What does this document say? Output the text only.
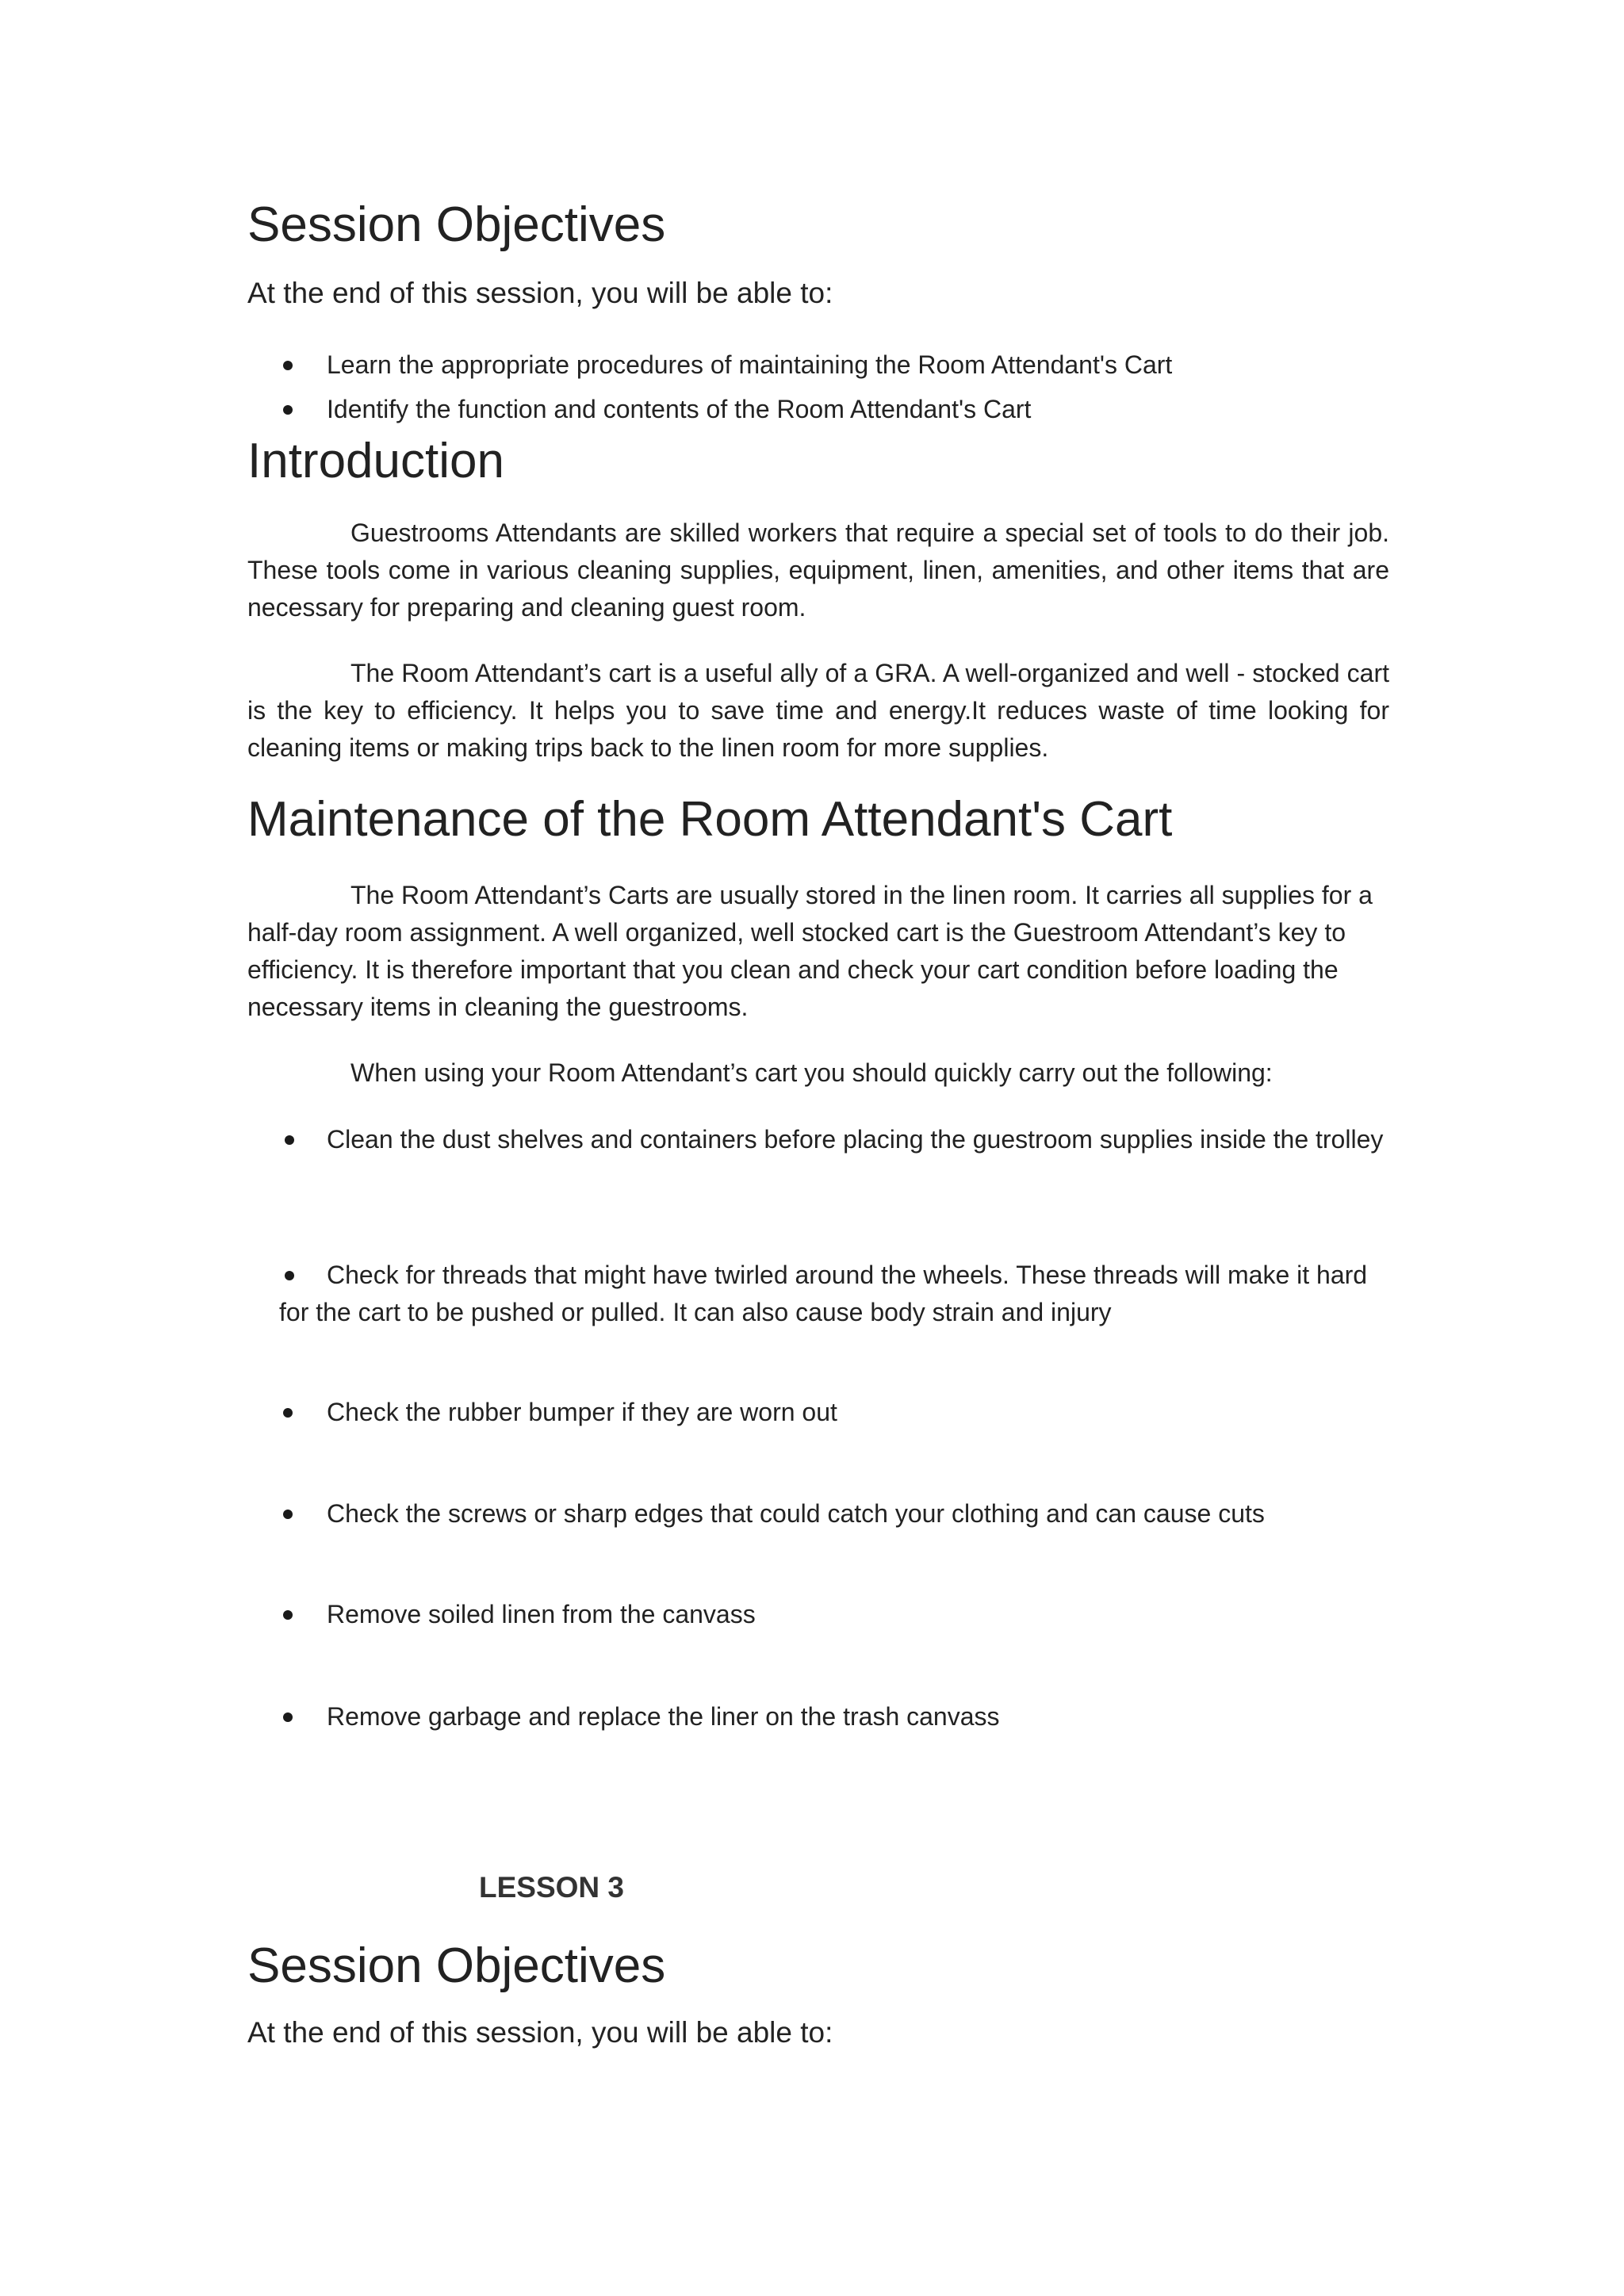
Session Objectives

At the end of this session, you will be able to:

Learn the appropriate procedures of maintaining the Room Attendant's Cart
Identify the function and contents of the Room Attendant's Cart
Introduction

Guestrooms Attendants are skilled workers that require a special set of tools to do their job. These tools come in various cleaning supplies, equipment, linen, amenities, and other items that are necessary for preparing and cleaning guest room.

The Room Attendant’s cart is a useful ally of a GRA. A well-organized and well - stocked cart is the key to efficiency. It helps you to save time and energy.It reduces waste of time looking for cleaning items or making trips back to the linen room for more supplies.

Maintenance of the Room Attendant's Cart

The Room Attendant’s Carts are usually stored in the linen room. It carries all supplies for a half-day room assignment. A well organized, well stocked cart is the Guestroom Attendant’s key to efficiency. It is therefore important that you clean and check your cart condition before loading the necessary items in cleaning the guestrooms.

When using your Room Attendant’s cart you should quickly carry out the following:

Clean the dust shelves and containers before placing the guestroom supplies inside the trolley
Check for threads that might have twirled around the wheels. These threads will make it hard for the cart to be pushed or pulled. It can also cause body strain and injury
Check the rubber bumper if they are worn out
Check the screws or sharp edges that could catch your clothing and can cause cuts
Remove soiled linen from the canvass
Remove garbage and replace the liner on the trash canvass

LESSON 3

Session Objectives

At the end of this session, you will be able to:
